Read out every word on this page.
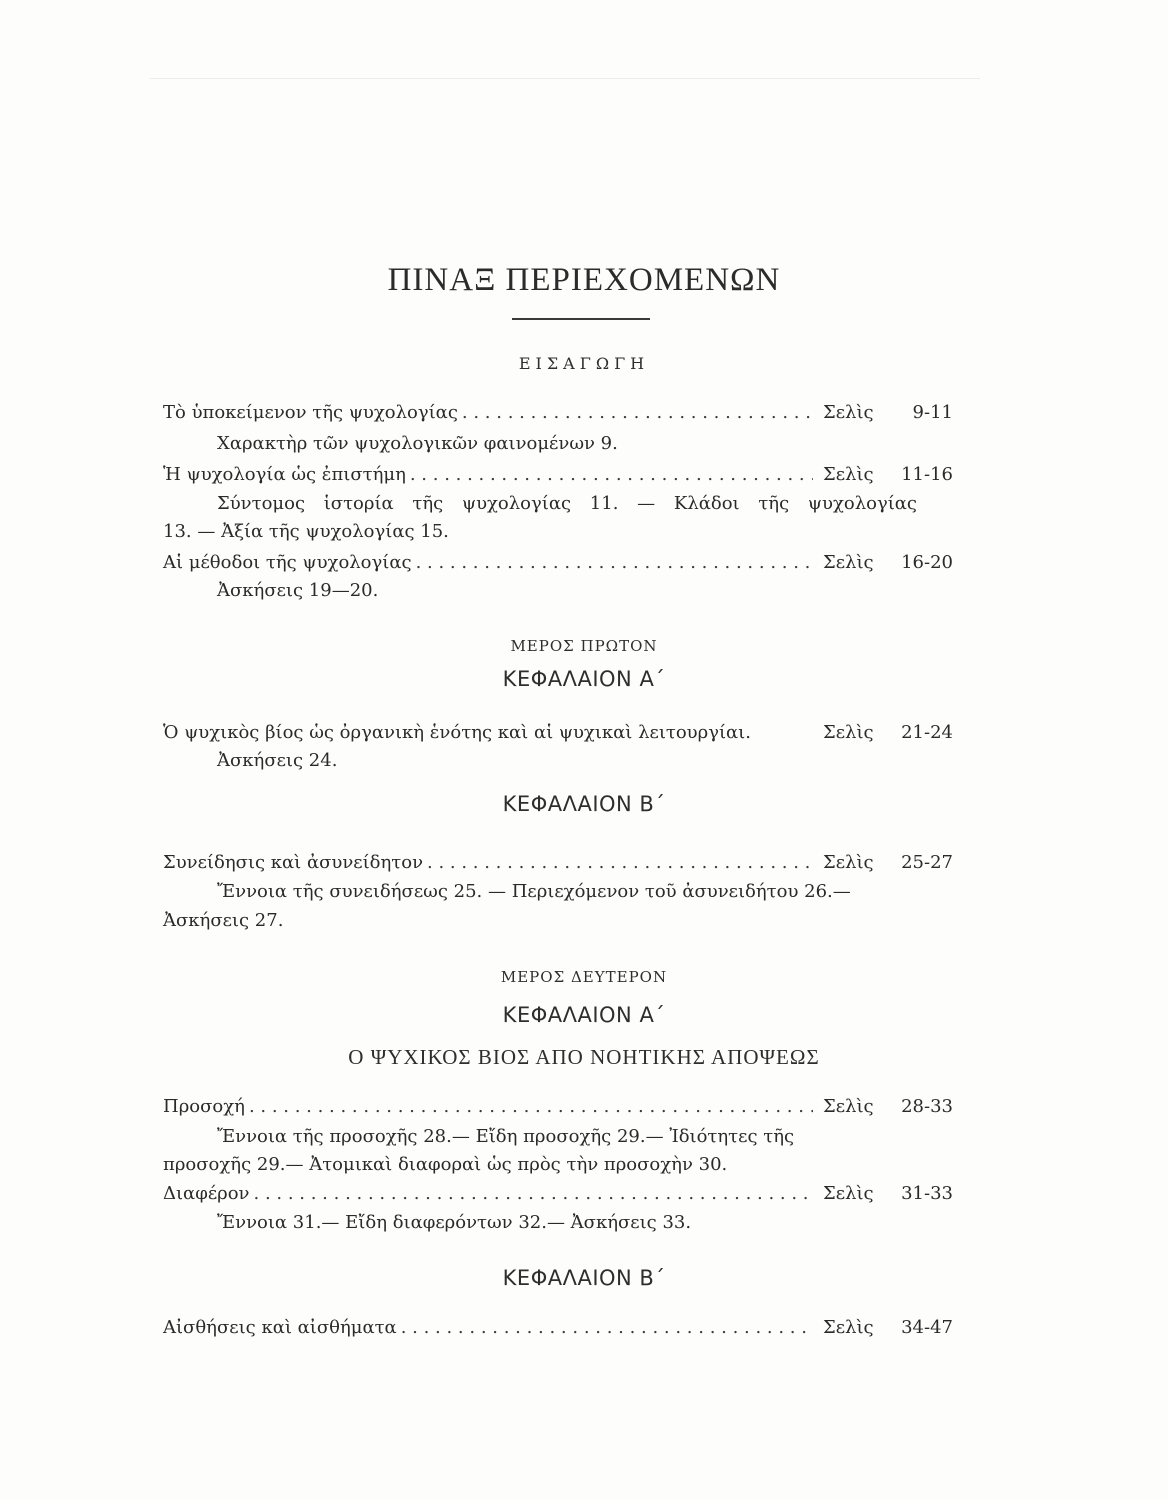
ΠΙΝΑΞ ΠΕΡΙΕΧΟΜΕΝΩΝ
ΕΙΣΑΓΩΓΗ
Τὸ ὑποκείμενον τῆς ψυχολογίας . . .	Σελὶς	9-11
Χαρακτὴρ τῶν ψυχολογικῶν φαινομένων 9.
Ἡ ψυχολογία ὡς ἐπιστήμη . . .	Σελὶς	11-16
Σύντομος ἱστορία τῆς ψυχολογίας 11. — Κλάδοι τῆς ψυχολογίας
13. — Ἀξία τῆς ψυχολογίας 15.
Αἱ μέθοδοι τῆς ψυχολογίας . . .	Σελὶς	16-20
Ἀσκήσεις 19—20.
ΜΕΡΟΣ ΠΡΩΤΟΝ
ΚΕΦΑΛΑΙΟΝ Α΄
Ὁ ψυχικὸς βίος ὡς ὀργανικὴ ἑνότης καὶ αἱ ψυχικαὶ λειτουργίαι.	Σελὶς	21-24
Ἀσκήσεις 24.
ΚΕΦΑΛΑΙΟΝ Β΄
Συνείδησις καὶ ἀσυνείδητον . . .	Σελὶς	25-27
Ἔννοια τῆς συνειδήσεως 25. — Περιεχόμενον τοῦ ἀσυνειδήτου 26.—
Ἀσκήσεις 27.
ΜΕΡΟΣ ΔΕΥΤΕΡΟΝ
ΚΕΦΑΛΑΙΟΝ Α΄
Ο ΨΥΧΙΚΟΣ ΒΙΟΣ ΑΠΟ ΝΟΗΤΙΚΗΣ ΑΠΟΨΕΩΣ
Προσοχή . . .	Σελὶς	28-33
Ἔννοια τῆς προσοχῆς 28.— Εἴδη προσοχῆς 29.— Ἰδιότητες τῆς
προσοχῆς 29.— Ἀτομικαὶ διαφοραὶ ὡς πρὸς τὴν προσοχὴν 30.
Διαφέρον . . .	Σελὶς	31-33
Ἔννοια 31.— Εἴδη διαφερόντων 32.— Ἀσκήσεις 33.
ΚΕΦΑΛΑΙΟΝ Β΄
Αἰσθήσεις καὶ αἰσθήματα . . .	Σελὶς	34-47
